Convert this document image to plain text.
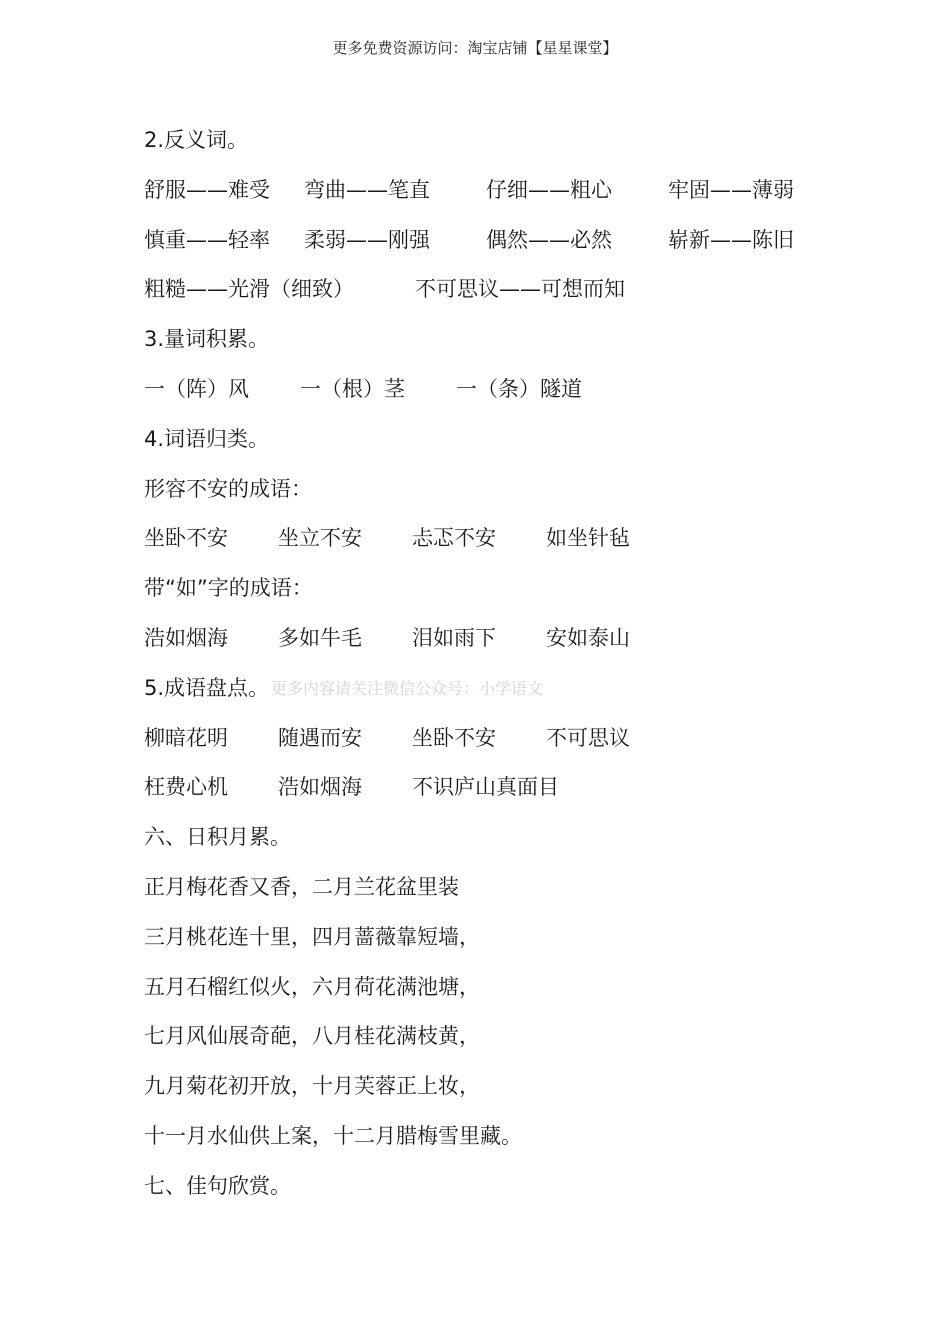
更多免费资源访问：淘宝店铺【星星课堂】
2.反义词。
舒服——难受 弯曲——笔直	仔细——粗心	牢固——薄弱
慎重——轻率 柔弱——刚强	偶然——必然	崭新——陈旧
粗糙——光滑（细致）	不可思议——可想而知
3.量词积累。
一（阵）风 一（根）茎 一（条）隧道
4.词语归类。
形容不安的成语：
坐卧不安 坐立不安 忐忑不安 如坐针毡
带“如”字的成语：
浩如烟海 多如牛毛 泪如雨下 安如泰山
5.成语盘点。 更多内容请关注微信公众号：小学语文
柳暗花明 随遇而安 坐卧不安 不可思议
枉费心机 浩如烟海 不识庐山真面目
六、日积月累。
正月梅花香又香，二月兰花盆里装
三月桃花连十里，四月蔷薇靠短墙，
五月石榴红似火，六月荷花满池塘，
七月风仙展奇葩，八月桂花满枝黄，
九月菊花初开放，十月芙蓉正上妆，
十一月水仙供上案，十二月腊梅雪里藏。
七、佳句欣赏。
